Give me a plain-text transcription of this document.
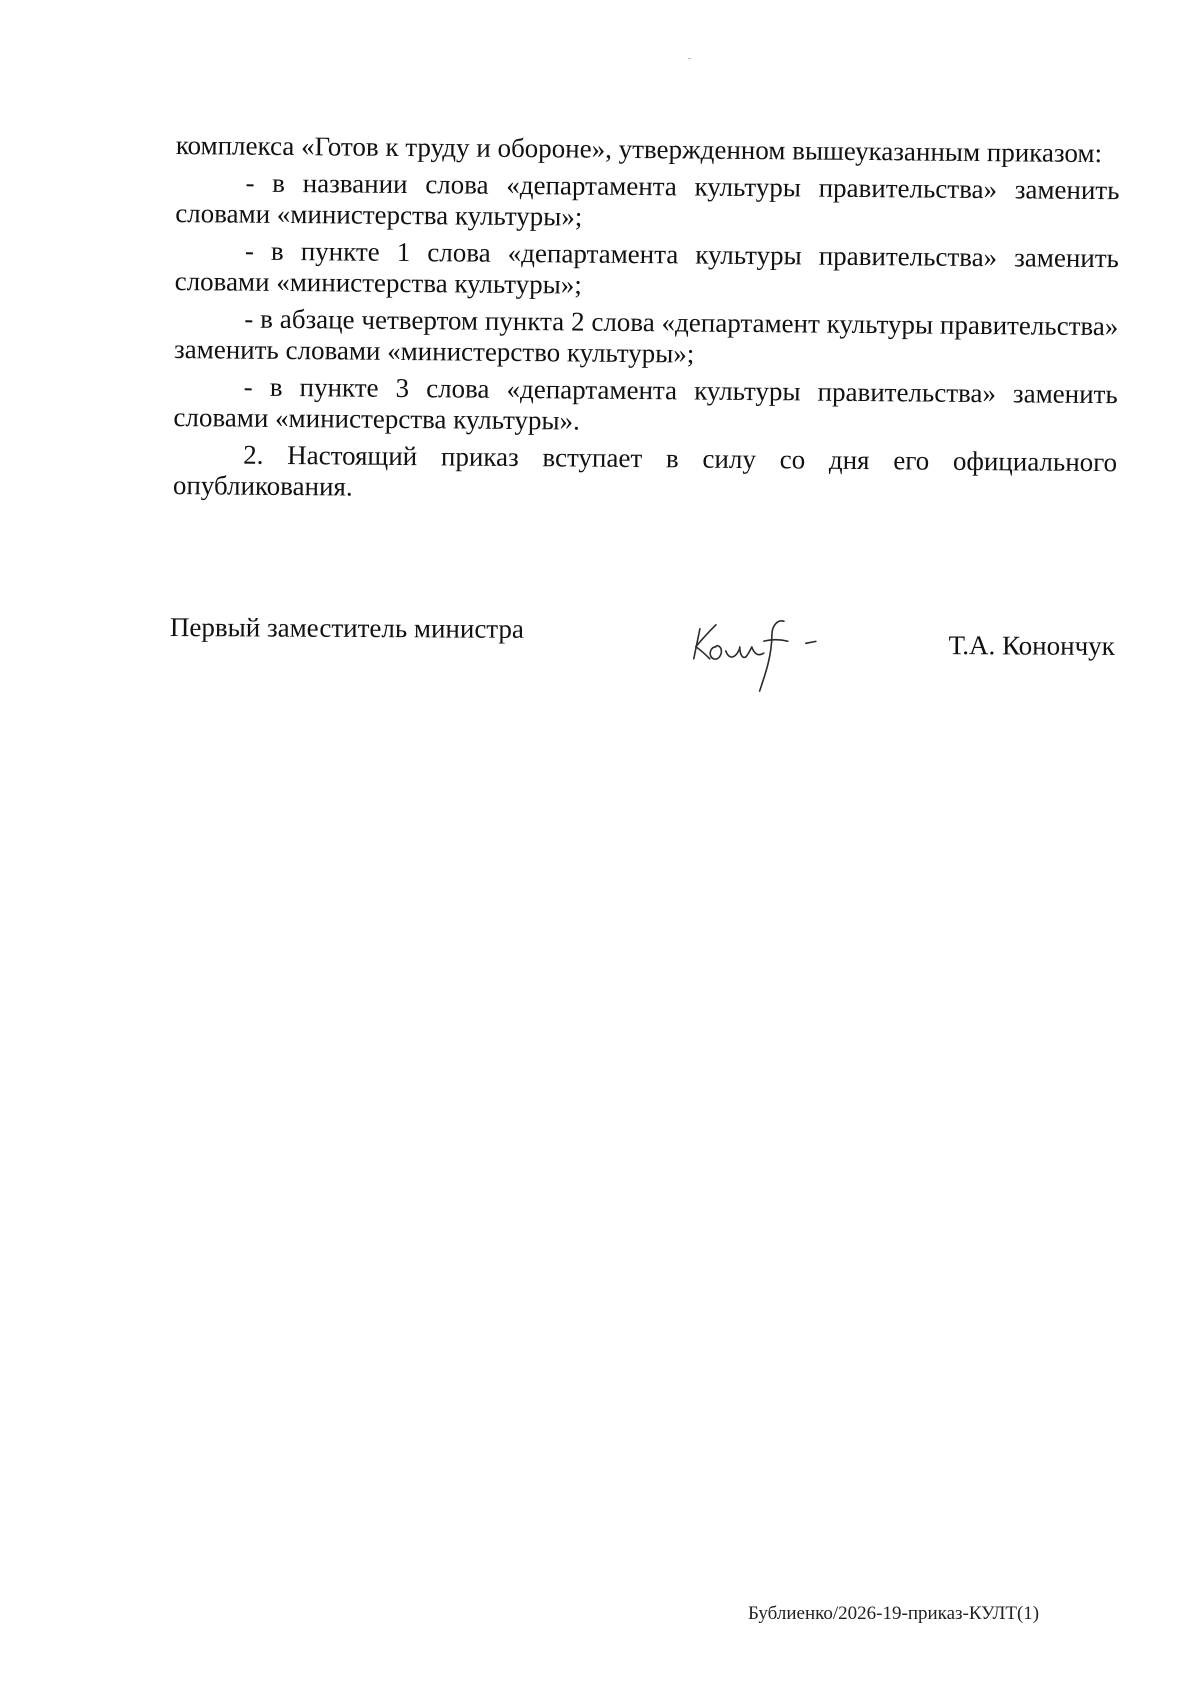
комплекса «Готов к труду и обороне», утвержденном вышеуказанным приказом:

- в названии слова «департамента культуры правительства» заменить словами «министерства культуры»;

- в пункте 1 слова «департамента культуры правительства» заменить словами «министерства культуры»;

- в абзаце четвертом пункта 2 слова «департамент культуры правительства» заменить словами «министерство культуры»;

- в пункте 3 слова «департамента культуры правительства» заменить словами «министерства культуры».

2. Настоящий приказ вступает в силу со дня его официального опубликования.

Первый заместитель министра
Т.А. Конончук
Бублиенко/2026-19-приказ-КУЛТ(1)
